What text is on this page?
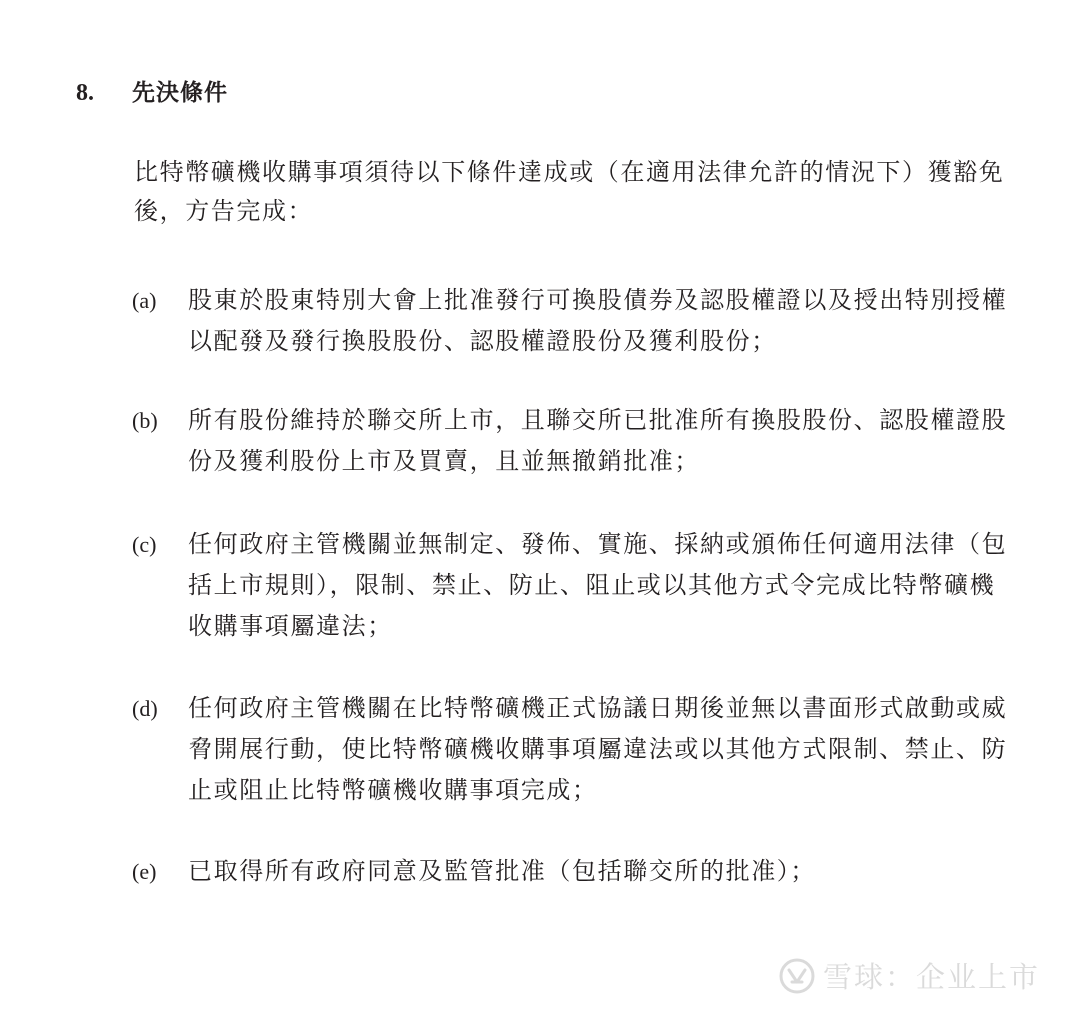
8.	先決條件

比特幣礦機收購事項須待以下條件達成或（在適用法律允許的情況下）獲豁免後，方告完成：

(a)	股東於股東特別大會上批准發行可換股債券及認股權證以及授出特別授權以配發及發行換股股份、認股權證股份及獲利股份；

(b)	所有股份維持於聯交所上市，且聯交所已批准所有換股股份、認股權證股份及獲利股份上市及買賣，且並無撤銷批准；

(c)	任何政府主管機關並無制定、發佈、實施、採納或頒佈任何適用法律（包括上市規則），限制、禁止、防止、阻止或以其他方式令完成比特幣礦機收購事項屬違法；

(d)	任何政府主管機關在比特幣礦機正式協議日期後並無以書面形式啟動或威脅開展行動，使比特幣礦機收購事項屬違法或以其他方式限制、禁止、防止或阻止比特幣礦機收購事項完成；

(e)	已取得所有政府同意及監管批准（包括聯交所的批准）；

雪球：企业上市
